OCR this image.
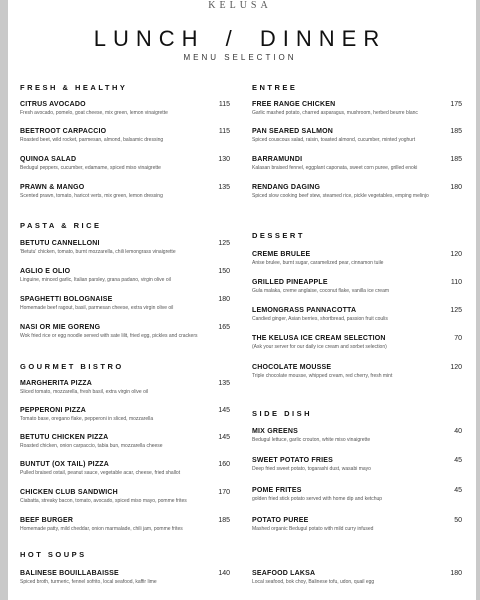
KELUSA
LUNCH / DINNER
MENU SELECTION
FRESH & HEALTHY
CITRUS AVOCADO	115
Fresh avocado, pomelo, goat cheese, mix green, lemon vinaigrette
BEETROOT CARPACCIO	115
Roasted beet, wild rocket, parmesan, almond, balsamic dressing
QUINOA SALAD	130
Bedugul peppers, cucumber, edamame, spiced miso vinaigrette
PRAWN & MANGO	135
Scented prawn, tomato, haricot verts, mix green, lemon dressing
PASTA & RICE
BETUTU CANNELLONI	125
'Betutu' chicken, tomato, burnt mozzarella, chili lemongrass vinaigrette
AGLIO E OLIO	150
Linguine, minced garlic, Italian parsley, grana padano, virgin olive oil
SPAGHETTI BOLOGNAISE	180
Homemade beef ragout, basil, parmesan cheese, extra virgin olive oil
NASI OR MIE GORENG	165
Wok fried rice or egg noodle served with sate lilit, fried egg, pickles and crackers
GOURMET BISTRO
MARGHERITA PIZZA	135
Sliced tomato, mozzarella, fresh basil, extra virgin olive oil
PEPPERONI PIZZA	145
Tomato base, oregano flake, pepperoni in sliced, mozzarella
BETUTU CHICKEN PIZZA	145
Roasted chicken, onion carpaccio, tabia bun, mozzarella cheese
BUNTUT (OX TAIL) PIZZA	160
Pulled braised oxtail, peanut sauce, vegetable acar, cheese, fried shallot
CHICKEN CLUB SANDWICH	170
Ciabatta, streaky bacon, tomato, avocado, spiced miso mayo, pomme frites
BEEF BURGER	185
Homemade patty, mild cheddar, onion marmalade, chili jam, pomme frites
HOT SOUPS
BALINESE BOUILLABAISSE	140
Spiced broth, turmeric, fennel sofrito, local seafood, kaffir lime
ENTREE
FREE RANGE CHICKEN	175
Garlic mashed potato, charred asparagus, mushroom, herbed beurre blanc
PAN SEARED SALMON	185
Spiced couscous salad, raisin, toasted almond, cucumber, minted yoghurt
BARRAMUNDI	185
Kalasan braised fennel, eggplant caponata, sweet corn puree, grilled enoki
RENDANG DAGING	180
Spiced slow cooking beef stew, steamed rice, pickle vegetables, emping melinjo
DESSERT
CREME BRULEE	120
Anise brulee, burnt sugar, caramelized pear, cinnamon tuile
GRILLED PINEAPPLE	110
Gula malaka, creme anglaise, coconut flake, vanilla ice cream
LEMONGRASS PANNACOTTA	125
Candied ginger, Asian berries, shortbread, passion fruit coulis
THE KELUSA ICE CREAM SELECTION	70
(Ask your server for our daily ice cream and sorbet selection)
CHOCOLATE MOUSSE	120
Triple chocolate mousse, whipped cream, red cherry, fresh mint
SIDE DISH
MIX GREENS	40
Bedugul lettuce, garlic crouton, white miso vinaigrette
SWEET POTATO FRIES	45
Deep fried sweet potato, togarashi dust, wasabi mayo
POME FRITES	45
golden fried stick potato served with home dip and ketchup
POTATO PUREE	50
Mashed organic Bedugul potato with mild curry infused
SEAFOOD LAKSA	180
Local seafood, bok choy, Balinese tofu, udon, quail egg
